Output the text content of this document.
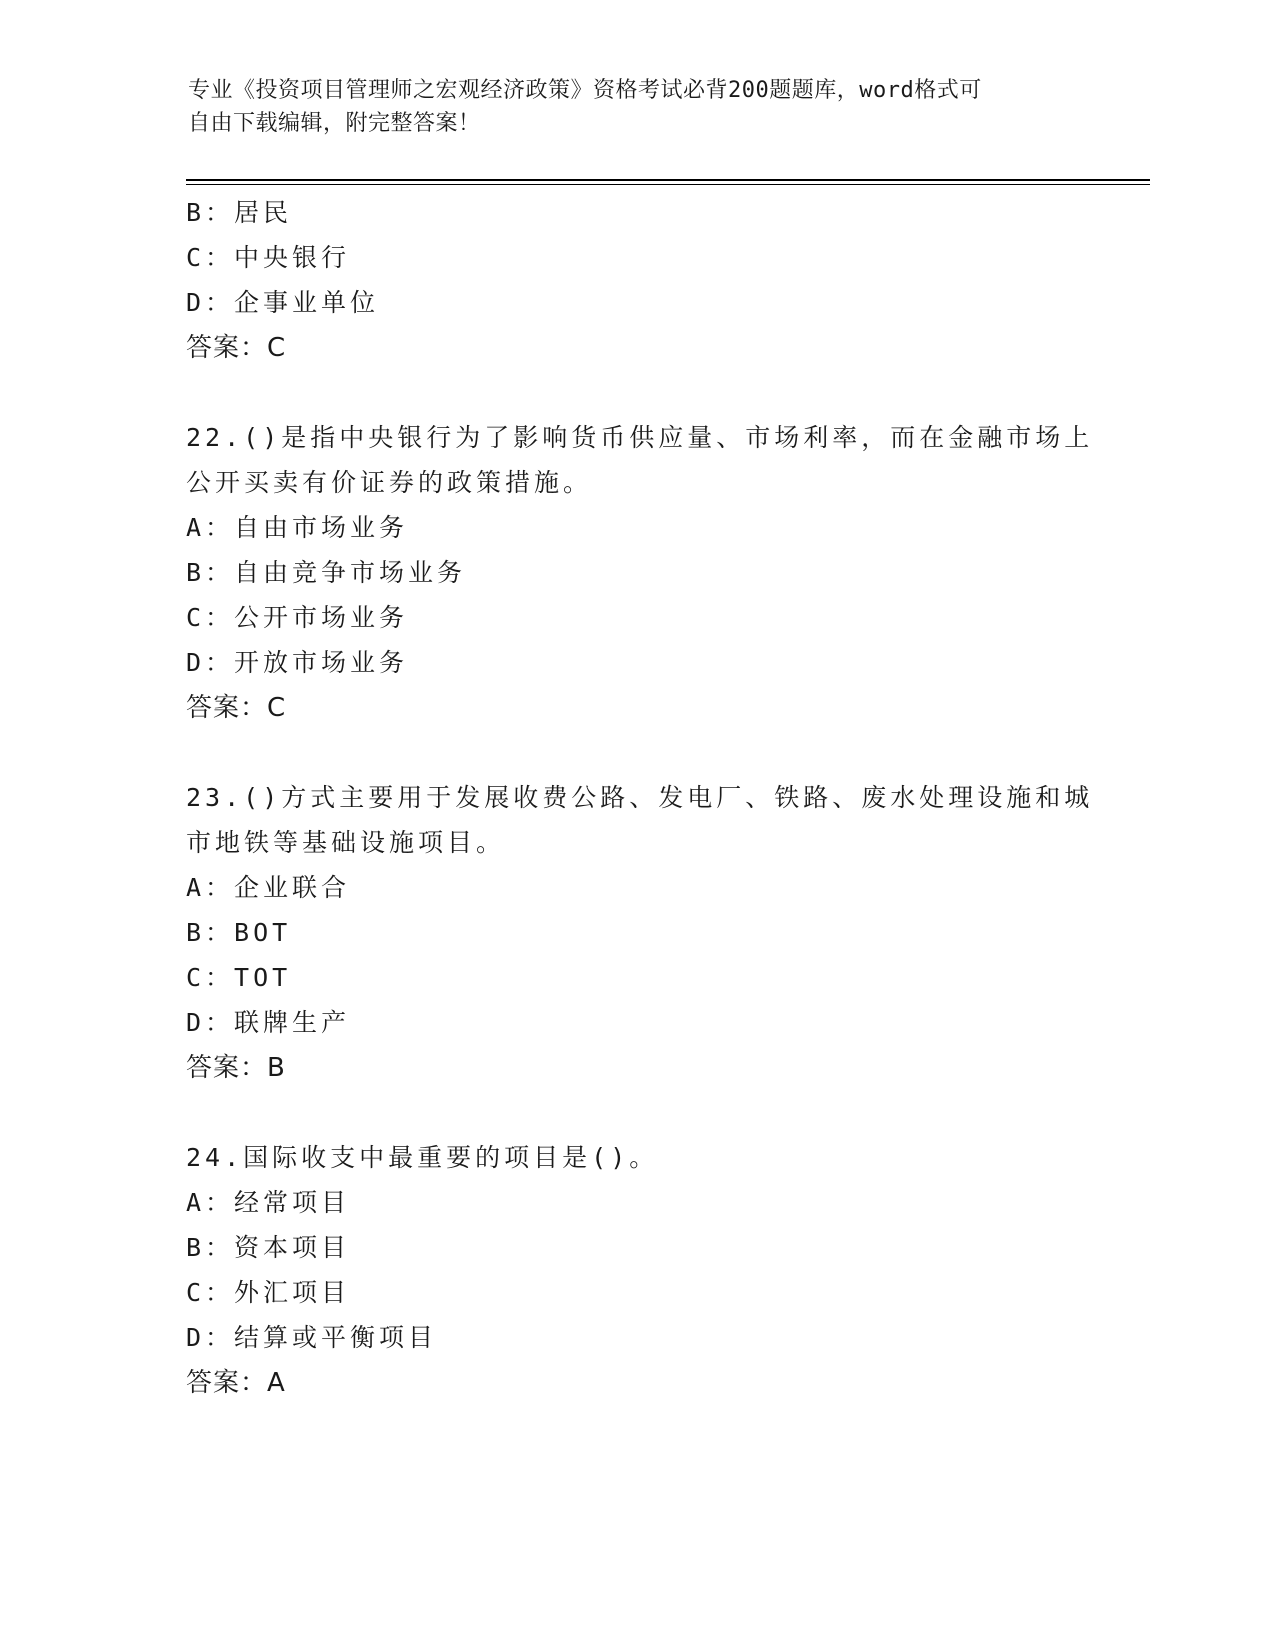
专业《投资项目管理师之宏观经济政策》资格考试必背200题题库，word格式可
自由下载编辑，附完整答案！
B：居民
C：中央银行
D：企事业单位
答案：C
22.()是指中央银行为了影响货币供应量、市场利率，而在金融市场上
公开买卖有价证券的政策措施。
A：自由市场业务
B：自由竞争市场业务
C：公开市场业务
D：开放市场业务
答案：C
23.()方式主要用于发展收费公路、发电厂、铁路、废水处理设施和城
市地铁等基础设施项目。
A：企业联合
B：BOT
C：TOT
D：联牌生产
答案：B
24.国际收支中最重要的项目是()。
A：经常项目
B：资本项目
C：外汇项目
D：结算或平衡项目
答案：A
